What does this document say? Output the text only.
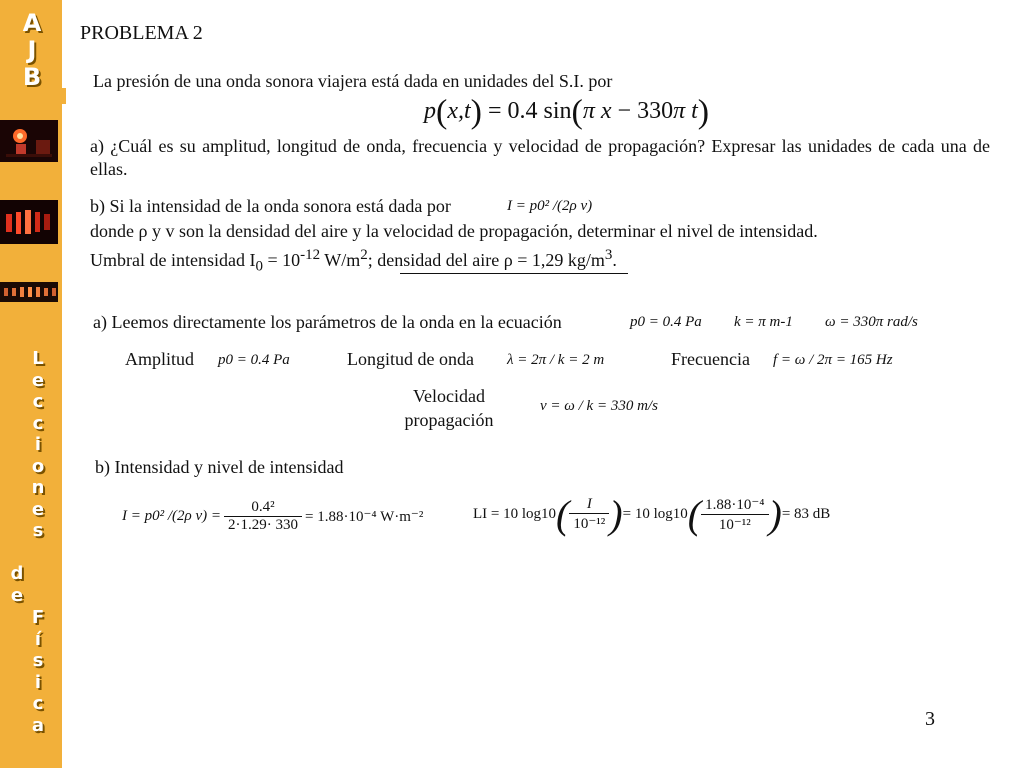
A
J
B
L
e
c
c
i
o
n
e
s
d
e
F
í
s
i
c
a
PROBLEMA 2
La presión de una onda sonora viajera está dada en unidades del S.I. por
p(x,t) = 0.4 sin(π x − 330π t)
a) ¿Cuál es su amplitud, longitud de onda, frecuencia y velocidad de propagación? Expresar las unidades de cada una de ellas.
b) Si la intensidad de la onda sonora está dada por	I = p0² /(2ρ v)
donde ρ y v son la densidad del aire y la velocidad de propagación, determinar el nivel de intensidad.
Umbral de intensidad $I_0 = 10^{-12}$ $W/m^2$; densidad del aire ρ = 1,29 $kg/m^3$.
a) Leemos directamente los parámetros de la onda en la ecuación	p0 = 0.4 Pa k = π m-1 ω = 330π rad/s
Amplitud p0 = 0.4 Pa	Longitud de onda λ = 2π / k = 2 m	Frecuencia f = ω / 2π = 165 Hz
Velocidad
propagación
v = ω / k = 330 m/s
b) Intensidad y nivel de intensidad
I = p0² /(2ρ $v) = \frac{\text{0.4²}}{2\cdot 1.29\cdot 330} = 1.88\cdot 10^{-4}$ W·m⁻²	LI = 10 log10 ( $\frac{I}{\text{10⁻¹²}}$ ) = 10 log10 ( $\frac{\text{1.88·10⁻⁴}}{\text{10⁻¹²}}$ ) = 83 dB
3
